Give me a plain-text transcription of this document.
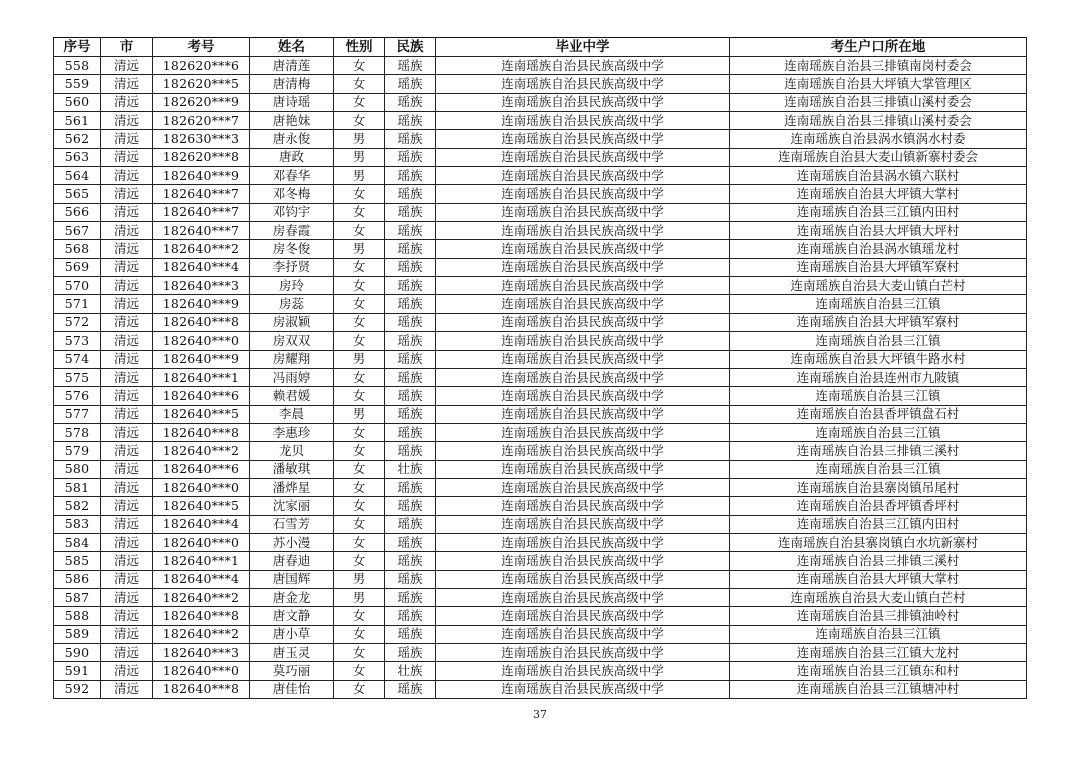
序号	市	考号	姓名	性别	民族	毕业中学	考生户口所在地
558	清远	182620***6	唐清莲	女	瑶族	连南瑶族自治县民族高级中学	连南瑶族自治县三排镇南岗村委会
559	清远	182620***5	唐清梅	女	瑶族	连南瑶族自治县民族高级中学	连南瑶族自治县大坪镇大掌管理区
560	清远	182620***9	唐诗瑶	女	瑶族	连南瑶族自治县民族高级中学	连南瑶族自治县三排镇山溪村委会
561	清远	182620***7	唐艳妹	女	瑶族	连南瑶族自治县民族高级中学	连南瑶族自治县三排镇山溪村委会
562	清远	182630***3	唐永俊	男	瑶族	连南瑶族自治县民族高级中学	连南瑶族自治县涡水镇涡水村委
563	清远	182620***8	唐政	男	瑶族	连南瑶族自治县民族高级中学	连南瑶族自治县大麦山镇新寨村委会
564	清远	182640***9	邓春华	男	瑶族	连南瑶族自治县民族高级中学	连南瑶族自治县涡水镇六联村
565	清远	182640***7	邓冬梅	女	瑶族	连南瑶族自治县民族高级中学	连南瑶族自治县大坪镇大掌村
566	清远	182640***7	邓钧宇	女	瑶族	连南瑶族自治县民族高级中学	连南瑶族自治县三江镇内田村
567	清远	182640***7	房春霞	女	瑶族	连南瑶族自治县民族高级中学	连南瑶族自治县大坪镇大坪村
568	清远	182640***2	房冬俊	男	瑶族	连南瑶族自治县民族高级中学	连南瑶族自治县涡水镇瑶龙村
569	清远	182640***4	李抒贤	女	瑶族	连南瑶族自治县民族高级中学	连南瑶族自治县大坪镇军寮村
570	清远	182640***3	房玲	女	瑶族	连南瑶族自治县民族高级中学	连南瑶族自治县大麦山镇白芒村
571	清远	182640***9	房蕊	女	瑶族	连南瑶族自治县民族高级中学	连南瑶族自治县三江镇
572	清远	182640***8	房淑颖	女	瑶族	连南瑶族自治县民族高级中学	连南瑶族自治县大坪镇军寮村
573	清远	182640***0	房双双	女	瑶族	连南瑶族自治县民族高级中学	连南瑶族自治县三江镇
574	清远	182640***9	房耀翔	男	瑶族	连南瑶族自治县民族高级中学	连南瑶族自治县大坪镇牛路水村
575	清远	182640***1	冯雨婷	女	瑶族	连南瑶族自治县民族高级中学	连南瑶族自治县连州市九陂镇
576	清远	182640***6	赖君媛	女	瑶族	连南瑶族自治县民族高级中学	连南瑶族自治县三江镇
577	清远	182640***5	李晨	男	瑶族	连南瑶族自治县民族高级中学	连南瑶族自治县香坪镇盘石村
578	清远	182640***8	李惠珍	女	瑶族	连南瑶族自治县民族高级中学	连南瑶族自治县三江镇
579	清远	182640***2	龙贝	女	瑶族	连南瑶族自治县民族高级中学	连南瑶族自治县三排镇三溪村
580	清远	182640***6	潘敏琪	女	壮族	连南瑶族自治县民族高级中学	连南瑶族自治县三江镇
581	清远	182640***0	潘烨星	女	瑶族	连南瑶族自治县民族高级中学	连南瑶族自治县寨岗镇吊尾村
582	清远	182640***5	沈家丽	女	瑶族	连南瑶族自治县民族高级中学	连南瑶族自治县香坪镇香坪村
583	清远	182640***4	石雪芳	女	瑶族	连南瑶族自治县民族高级中学	连南瑶族自治县三江镇内田村
584	清远	182640***0	苏小漫	女	瑶族	连南瑶族自治县民族高级中学	连南瑶族自治县寨岗镇白水坑新寨村
585	清远	182640***1	唐春迪	女	瑶族	连南瑶族自治县民族高级中学	连南瑶族自治县三排镇三溪村
586	清远	182640***4	唐国辉	男	瑶族	连南瑶族自治县民族高级中学	连南瑶族自治县大坪镇大掌村
587	清远	182640***2	唐金龙	男	瑶族	连南瑶族自治县民族高级中学	连南瑶族自治县大麦山镇白芒村
588	清远	182640***8	唐文静	女	瑶族	连南瑶族自治县民族高级中学	连南瑶族自治县三排镇油岭村
589	清远	182640***2	唐小草	女	瑶族	连南瑶族自治县民族高级中学	连南瑶族自治县三江镇
590	清远	182640***3	唐玉灵	女	瑶族	连南瑶族自治县民族高级中学	连南瑶族自治县三江镇大龙村
591	清远	182640***0	莫巧丽	女	壮族	连南瑶族自治县民族高级中学	连南瑶族自治县三江镇东和村
592	清远	182640***8	唐佳怡	女	瑶族	连南瑶族自治县民族高级中学	连南瑶族自治县三江镇塘冲村
37
